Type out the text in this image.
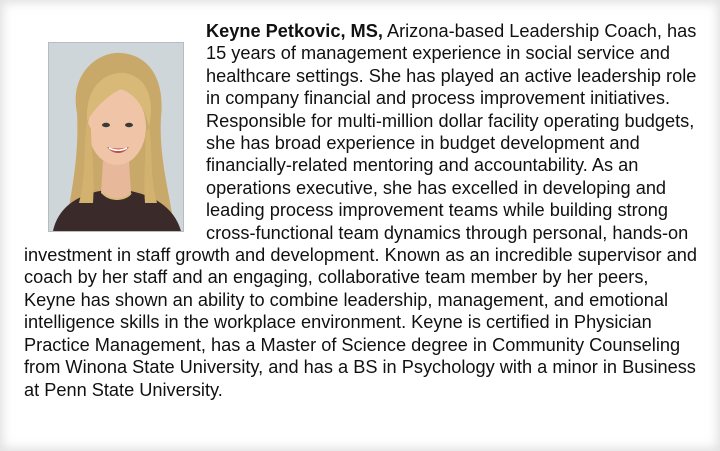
Keyne Petkovic, MS, Arizona-based Leadership Coach, has 15 years of management experience in social service and healthcare settings. She has played an active leadership role in company financial and process improvement initiatives. Responsible for multi-million dollar facility operating budgets, she has broad experience in budget development and financially-related mentoring and accountability. As an operations executive, she has excelled in developing and leading process improvement teams while building strong cross-functional team dynamics through personal, hands-on investment in staff growth and development. Known as an incredible supervisor and coach by her staff and an engaging, collaborative team member by her peers, Keyne has shown an ability to combine leadership, management, and emotional intelligence skills in the workplace environment. Keyne is certified in Physician Practice Management, has a Master of Science degree in Community Counseling from Winona State University, and has a BS in Psychology with a minor in Business at Penn State University.
